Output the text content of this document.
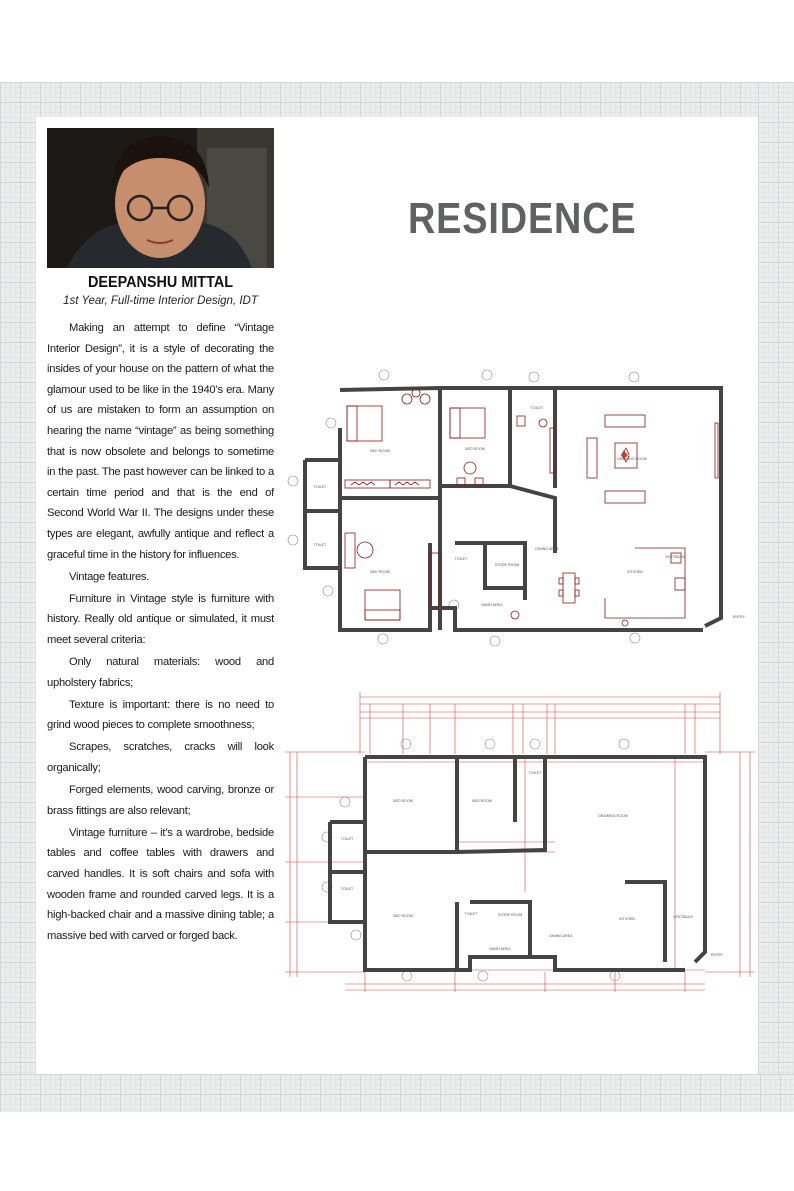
DEEPANSHU MITTAL
1st Year, Full-time Interior Design, IDT

Making an attempt to define “Vintage Interior Design”, it is a style of decorating the insides of your house on the pattern of what the glamour used to be like in the 1940’s era. Many of us are mistaken to form an assumption on hearing the name “vintage” as being something that is now obsolete and belongs to sometime in the past. The past however can be linked to a certain time period and that is the end of Second World War II. The designs under these types are elegant, awfully antique and reflect a graceful time in the history for influences.

Vintage features.

Furniture in Vintage style is furniture with history. Really old antique or simulated, it must meet several criteria:

Only natural materials: wood and upholstery fabrics;

Texture is important: there is no need to grind wood pieces to complete smoothness;

Scrapes, scratches, cracks will look organically;

Forged elements, wood carving, bronze or brass fittings are also relevant;

Vintage furniture – it’s a wardrobe, bedside tables and coffee tables with drawers and carved handles. It is soft chairs and sofa with wooden frame and rounded carved legs. It is a high-backed chair and a massive dining table; a massive bed with carved or forged back.

RESIDENCE
BED ROOM	BED ROOM
BED ROOM
DRAWING ROOM
DINING AREA
KITCHEN
TOILET
TOILET
TOILET
TOILET
STORE ROOM
WASH AREA
VESTIBULE
ENTRY
BED ROOM	BED ROOM
BED ROOM
DRAWING ROOM
DINING AREA
KITCHEN
TOILET
TOILET
TOILET
TOILET	STORE ROOM
WASH AREA
VESTIBULE
ENTRY
